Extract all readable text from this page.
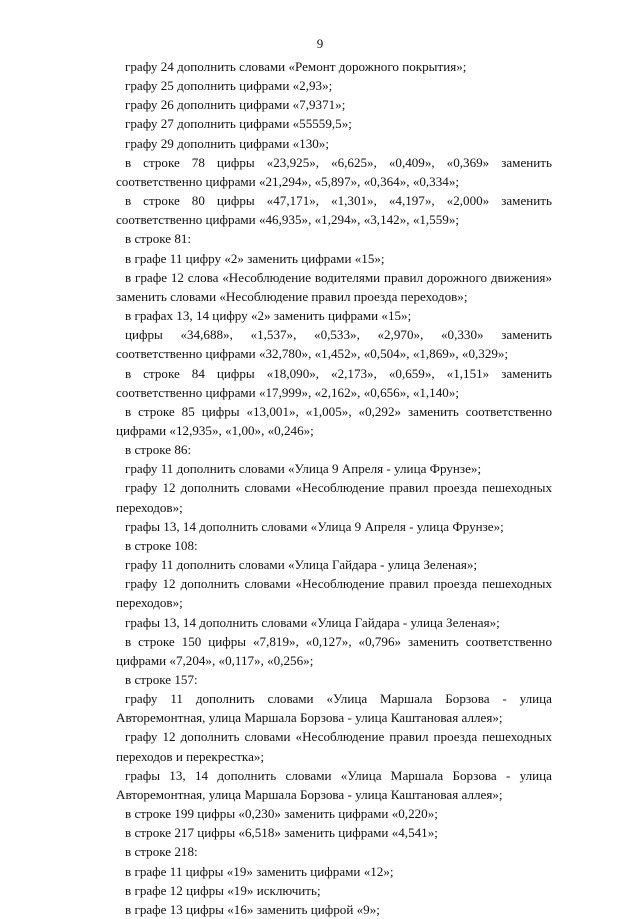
9

графу 24 дополнить словами «Ремонт дорожного покрытия»;

графу 25 дополнить цифрами «2,93»;

графу 26 дополнить цифрами «7,9371»;

графу 27 дополнить цифрами «55559,5»;

графу 29 дополнить цифрами «130»;

в строке 78 цифры «23,925», «6,625», «0,409», «0,369» заменить соответственно цифрами «21,294», «5,897», «0,364», «0,334»;

в строке 80 цифры «47,171», «1,301», «4,197», «2,000» заменить соответственно цифрами «46,935», «1,294», «3,142», «1,559»;

в строке 81:

в графе 11 цифру «2» заменить цифрами «15»;

в графе 12 слова «Несоблюдение водителями правил дорожного движения» заменить словами «Несоблюдение правил проезда переходов»;

в графах 13, 14 цифру «2» заменить цифрами «15»;

цифры «34,688», «1,537», «0,533», «2,970», «0,330» заменить соответственно цифрами «32,780», «1,452», «0,504», «1,869», «0,329»;

в строке 84 цифры «18,090», «2,173», «0,659», «1,151» заменить соответственно цифрами «17,999», «2,162», «0,656», «1,140»;

в строке 85 цифры «13,001», «1,005», «0,292» заменить соответственно цифрами «12,935», «1,00», «0,246»;

в строке 86:

графу 11 дополнить словами «Улица 9 Апреля - улица Фрунзе»;

графу 12 дополнить словами «Несоблюдение правил проезда пешеходных переходов»;

графы 13, 14 дополнить словами «Улица 9 Апреля - улица Фрунзе»;

в строке 108:

графу 11 дополнить словами «Улица Гайдара - улица Зеленая»;

графу 12 дополнить словами «Несоблюдение правил проезда пешеходных переходов»;

графы 13, 14 дополнить словами «Улица Гайдара - улица Зеленая»;

в строке 150 цифры «7,819», «0,127», «0,796» заменить соответственно цифрами «7,204», «0,117», «0,256»;

в строке 157:

графу 11 дополнить словами «Улица Маршала Борзова - улица Авторемонтная, улица Маршала Борзова - улица Каштановая аллея»;

графу 12 дополнить словами «Несоблюдение правил проезда пешеходных переходов и перекрестка»;

графы 13, 14 дополнить словами «Улица Маршала Борзова - улица Авторемонтная, улица Маршала Борзова - улица Каштановая аллея»;

в строке 199 цифры «0,230» заменить цифрами «0,220»;

в строке 217 цифры «6,518» заменить цифрами «4,541»;

в строке 218:

в графе 11 цифры «19» заменить цифрами «12»;

в графе 12 цифры «19» исключить;

в графе 13 цифры «16» заменить цифрой «9»;
